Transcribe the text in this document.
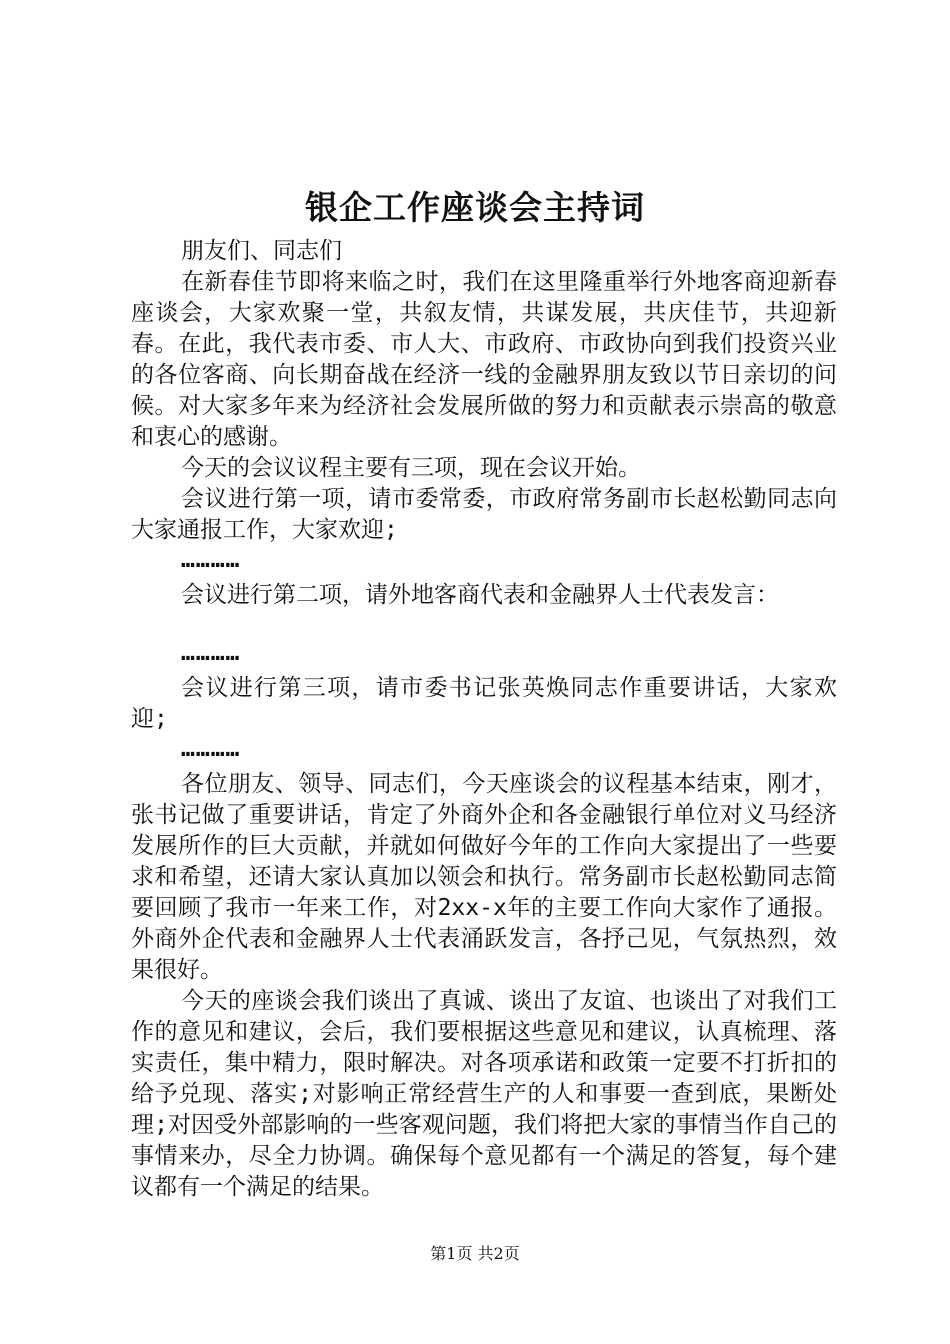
银企工作座谈会主持词

朋友们、同志们

在新春佳节即将来临之时，我们在这里隆重举行外地客商迎新春座谈会，大家欢聚一堂，共叙友情，共谋发展，共庆佳节，共迎新春。在此，我代表市委、市人大、市政府、市政协向到我们投资兴业的各位客商、向长期奋战在经济一线的金融界朋友致以节日亲切的问候。对大家多年来为经济社会发展所做的努力和贡献表示崇高的敬意和衷心的感谢。

今天的会议议程主要有三项，现在会议开始。

会议进行第一项，请市委常委，市政府常务副市长赵松勤同志向大家通报工作，大家欢迎;

…………

会议进行第二项，请外地客商代表和金融界人士代表发言：

…………

会议进行第三项，请市委书记张英焕同志作重要讲话，大家欢迎;

…………

各位朋友、领导、同志们，今天座谈会的议程基本结束，刚才，张书记做了重要讲话，肯定了外商外企和各金融银行单位对义马经济发展所作的巨大贡献，并就如何做好今年的工作向大家提出了一些要求和希望，还请大家认真加以领会和执行。常务副市长赵松勤同志简要回顾了我市一年来工作，对2xx-x年的主要工作向大家作了通报。外商外企代表和金融界人士代表涌跃发言，各抒己见，气氛热烈，效果很好。

今天的座谈会我们谈出了真诚、谈出了友谊、也谈出了对我们工作的意见和建议，会后，我们要根据这些意见和建议，认真梳理、落实责任，集中精力，限时解决。对各项承诺和政策一定要不打折扣的给予兑现、落实;对影响正常经营生产的人和事要一查到底，果断处理;对因受外部影响的一些客观问题，我们将把大家的事情当作自己的事情来办，尽全力协调。确保每个意见都有一个满足的答复，每个建议都有一个满足的结果。

第1页 共2页
